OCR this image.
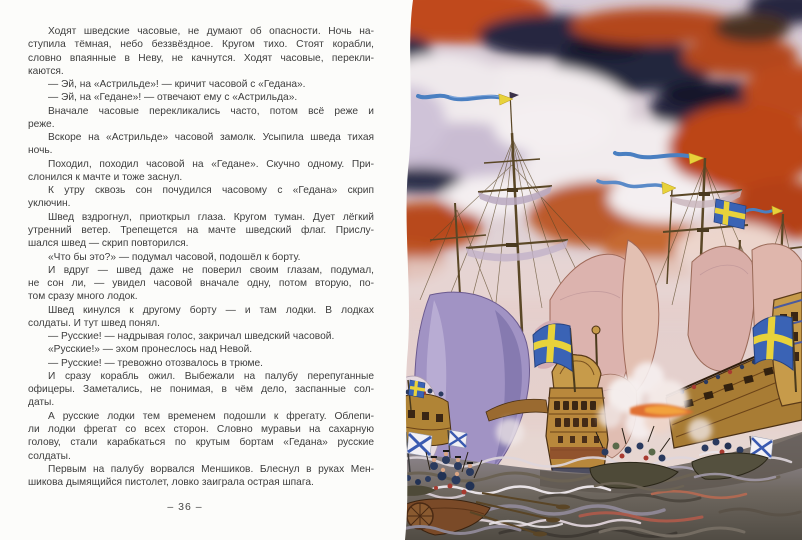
Ходят шведские часовые, не думают об опасности. Ночь на-
ступила тёмная, небо беззвёздное. Кругом тихо. Стоят корабли,
словно впаянные в Неву, не качнутся. Ходят часовые, перекли-
каются.
— Эй, на «Астрильде»! — кричит часовой с «Гедана».
— Эй, на «Гедане»! — отвечают ему с «Астрильда».
Вначале часовые перекликались часто, потом всё реже и
реже.
Вскоре на «Астрильде» часовой замолк. Усыпила шведа тихая
ночь.
Походил, походил часовой на «Гедане». Скучно одному. При-
слонился к мачте и тоже заснул.
К утру сквозь сон почудился часовому с «Гедана» скрип
уключин.
Швед вздрогнул, приоткрыл глаза. Кругом туман. Дует лёгкий
утренний ветер. Трепещется на мачте шведский флаг. Прислу-
шался швед — скрип повторился.
«Что бы это?» — подумал часовой, подошёл к борту.
И вдруг — швед даже не поверил своим глазам, подумал,
не сон ли, — увидел часовой вначале одну, потом вторую, по-
том сразу много лодок.
Швед кинулся к другому борту — и там лодки. В лодках
солдаты. И тут швед понял.
— Русские! — надрывая голос, закричал шведский часовой.
«Русские!» — эхом пронеслось над Невой.
— Русские! — тревожно отозвалось в трюме.
И сразу корабль ожил. Выбежали на палубу перепуганные
офицеры. Заметались, не понимая, в чём дело, заспанные сол-
даты.
А русские лодки тем временем подошли к фрегату. Облепи-
ли лодки фрегат со всех сторон. Словно муравьи на сахарную
голову, стали карабкаться по крутым бортам «Гедана» русские
солдаты.
Первым на палубу ворвался Меншиков. Блеснул в руках Мен-
шикова дымящийся пистолет, ловко заиграла острая шпага.
– 36 –
